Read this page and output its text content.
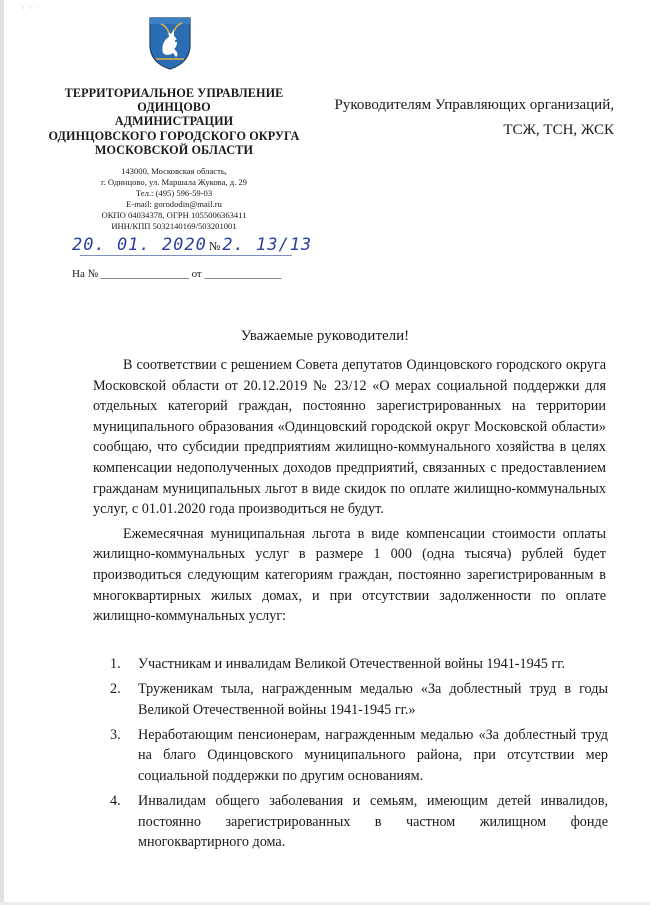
· · ·
ТЕРРИТОРИАЛЬНОЕ УПРАВЛЕНИЕ
ОДИНЦОВО
АДМИНИСТРАЦИИ
ОДИНЦОВСКОГО ГОРОДСКОГО ОКРУГА
МОСКОВСКОЙ ОБЛАСТИ
143000, Московская область,
г. Одинцово, ул. Маршала Жукова, д. 29
Тел.: (495) 596-59-03
E-mail: gorododin@mail.ru
ОКПО 04034378, ОГРН 1055006363411
ИНН/КПП 5032140169/503201001
20. 01. 2020 № 2. 13/13
На № ________________ от ______________
Руководителям Управляющих организаций,
ТСЖ, ТСН, ЖСК
Уважаемые руководители!

В соответствии с решением Совета депутатов Одинцовского городского округа Московской области от 20.12.2019 № 23/12 «О мерах социальной поддержки для отдельных категорий граждан, постоянно зарегистрированных на территории муниципального образования «Одинцовский городской округ Московской области» сообщаю, что субсидии предприятиям жилищно-коммунального хозяйства в целях компенсации недополученных доходов предприятий, связанных с предоставлением гражданам муниципальных льгот в виде скидок по оплате жилищно-коммунальных услуг, с 01.01.2020 года производиться не будут.

Ежемесячная муниципальная льгота в виде компенсации стоимости оплаты жилищно-коммунальных услуг в размере 1 000 (одна тысяча) рублей будет производиться следующим категориям граждан, постоянно зарегистрированным в многоквартирных жилых домах, и при отсутствии задолженности по оплате жилищно-коммунальных услуг:

1. Участникам и инвалидам Великой Отечественной войны 1941-1945 гг.
2. Труженикам тыла, награжденным медалью «За доблестный труд в годы Великой Отечественной войны 1941-1945 гг.»
3. Неработающим пенсионерам, награжденным медалью «За доблестный труд на благо Одинцовского муниципального района, при отсутствии мер социальной поддержки по другим основаниям.
4. Инвалидам общего заболевания и семьям, имеющим детей инвалидов, постоянно зарегистрированных в частном жилищном фонде многоквартирного дома.
